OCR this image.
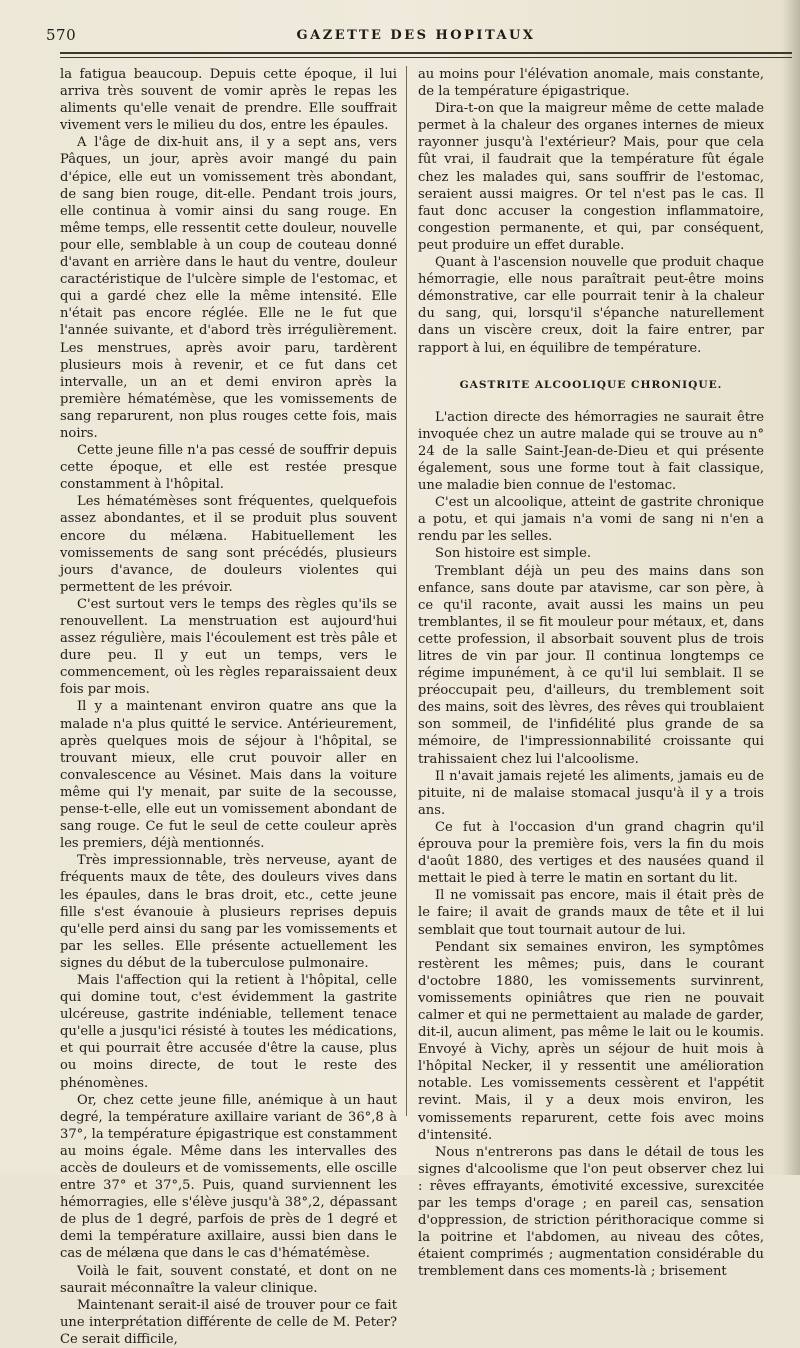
570	GAZETTE DES HOPITAUX

la fatigua beaucoup. Depuis cette époque, il lui arriva très souvent de vomir après le repas les aliments qu'elle venait de prendre. Elle souffrait vivement vers le milieu du dos, entre les épaules.

A l'âge de dix-huit ans, il y a sept ans, vers Pâques, un jour, après avoir mangé du pain d'épice, elle eut un vomissement très abondant, de sang bien rouge, dit-elle. Pendant trois jours, elle continua à vomir ainsi du sang rouge. En même temps, elle ressentit cette douleur, nouvelle pour elle, semblable à un coup de couteau donné d'avant en arrière dans le haut du ventre, douleur caractéristique de l'ulcère simple de l'estomac, et qui a gardé chez elle la même intensité. Elle n'était pas encore réglée. Elle ne le fut que l'année suivante, et d'abord très irrégulièrement. Les menstrues, après avoir paru, tardèrent plusieurs mois à revenir, et ce fut dans cet intervalle, un an et demi environ après la première hématémèse, que les vomissements de sang reparurent, non plus rouges cette fois, mais noirs.

Cette jeune fille n'a pas cessé de souffrir depuis cette époque, et elle est restée presque constamment à l'hôpital.

Les hématémèses sont fréquentes, quelquefois assez abondantes, et il se produit plus souvent encore du mélæna. Habituellement les vomissements de sang sont précédés, plusieurs jours d'avance, de douleurs violentes qui permettent de les prévoir.

C'est surtout vers le temps des règles qu'ils se renouvellent. La menstruation est aujourd'hui assez régulière, mais l'écoulement est très pâle et dure peu. Il y eut un temps, vers le commencement, où les règles reparaissaient deux fois par mois.

Il y a maintenant environ quatre ans que la malade n'a plus quitté le service. Antérieurement, après quelques mois de séjour à l'hôpital, se trouvant mieux, elle crut pouvoir aller en convalescence au Vésinet. Mais dans la voiture même qui l'y menait, par suite de la secousse, pense-t-elle, elle eut un vomissement abondant de sang rouge. Ce fut le seul de cette couleur après les premiers, déjà mentionnés.

Très impressionnable, très nerveuse, ayant de fréquents maux de tête, des douleurs vives dans les épaules, dans le bras droit, etc., cette jeune fille s'est évanouie à plusieurs reprises depuis qu'elle perd ainsi du sang par les vomissements et par les selles. Elle présente actuellement les signes du début de la tuberculose pulmonaire.

Mais l'affection qui la retient à l'hôpital, celle qui domine tout, c'est évidemment la gastrite ulcéreuse, gastrite indéniable, tellement tenace qu'elle a jusqu'ici résisté à toutes les médications, et qui pourrait être accusée d'être la cause, plus ou moins directe, de tout le reste des phénomènes.

Or, chez cette jeune fille, anémique à un haut degré, la température axillaire variant de 36°,8 à 37°, la température épigastrique est constamment au moins égale. Même dans les intervalles des accès de douleurs et de vomissements, elle oscille entre 37° et 37°,5. Puis, quand surviennent les hémorragies, elle s'élève jusqu'à 38°,2, dépassant de plus de 1 degré, parfois de près de 1 degré et demi la température axillaire, aussi bien dans le cas de mélæna que dans le cas d'hématémèse.

Voilà le fait, souvent constaté, et dont on ne saurait méconnaître la valeur clinique.

Maintenant serait-il aisé de trouver pour ce fait une interprétation différente de celle de M. Peter? Ce serait difficile,

au moins pour l'élévation anomale, mais constante, de la température épigastrique.

Dira-t-on que la maigreur même de cette malade permet à la chaleur des organes internes de mieux rayonner jusqu'à l'extérieur? Mais, pour que cela fût vrai, il faudrait que la température fût égale chez les malades qui, sans souffrir de l'estomac, seraient aussi maigres. Or tel n'est pas le cas. Il faut donc accuser la congestion inflammatoire, congestion permanente, et qui, par conséquent, peut produire un effet durable.

Quant à l'ascension nouvelle que produit chaque hémorragie, elle nous paraîtrait peut-être moins démonstrative, car elle pourrait tenir à la chaleur du sang, qui, lorsqu'il s'épanche naturellement dans un viscère creux, doit la faire entrer, par rapport à lui, en équilibre de température.

GASTRITE ALCOOLIQUE CHRONIQUE.

L'action directe des hémorragies ne saurait être invoquée chez un autre malade qui se trouve au n° 24 de la salle Saint-Jean-de-Dieu et qui présente également, sous une forme tout à fait classique, une maladie bien connue de l'estomac.

C'est un alcoolique, atteint de gastrite chronique a potu, et qui jamais n'a vomi de sang ni n'en a rendu par les selles.

Son histoire est simple.

Tremblant déjà un peu des mains dans son enfance, sans doute par atavisme, car son père, à ce qu'il raconte, avait aussi les mains un peu tremblantes, il se fit mouleur pour métaux, et, dans cette profession, il absorbait souvent plus de trois litres de vin par jour. Il continua longtemps ce régime impunément, à ce qu'il lui semblait. Il se préoccupait peu, d'ailleurs, du tremblement soit des mains, soit des lèvres, des rêves qui troublaient son sommeil, de l'infidélité plus grande de sa mémoire, de l'impressionnabilité croissante qui trahissaient chez lui l'alcoolisme.

Il n'avait jamais rejeté les aliments, jamais eu de pituite, ni de malaise stomacal jusqu'à il y a trois ans.

Ce fut à l'occasion d'un grand chagrin qu'il éprouva pour la première fois, vers la fin du mois d'août 1880, des vertiges et des nausées quand il mettait le pied à terre le matin en sortant du lit.

Il ne vomissait pas encore, mais il était près de le faire; il avait de grands maux de tête et il lui semblait que tout tournait autour de lui.

Pendant six semaines environ, les symptômes restèrent les mêmes; puis, dans le courant d'octobre 1880, les vomissements survinrent, vomissements opiniâtres que rien ne pouvait calmer et qui ne permettaient au malade de garder, dit-il, aucun aliment, pas même le lait ou le koumis. Envoyé à Vichy, après un séjour de huit mois à l'hôpital Necker, il y ressentit une amélioration notable. Les vomissements cessèrent et l'appétit revint. Mais, il y a deux mois environ, les vomissements reparurent, cette fois avec moins d'intensité.

Nous n'entrerons pas dans le détail de tous les signes d'alcoolisme que l'on peut observer chez lui : rêves effrayants, émotivité excessive, surexcitée par les temps d'orage ; en pareil cas, sensation d'oppression, de striction périthoracique comme si la poitrine et l'abdomen, au niveau des côtes, étaient comprimés ; augmentation considérable du tremblement dans ces moments-là ; brisement
